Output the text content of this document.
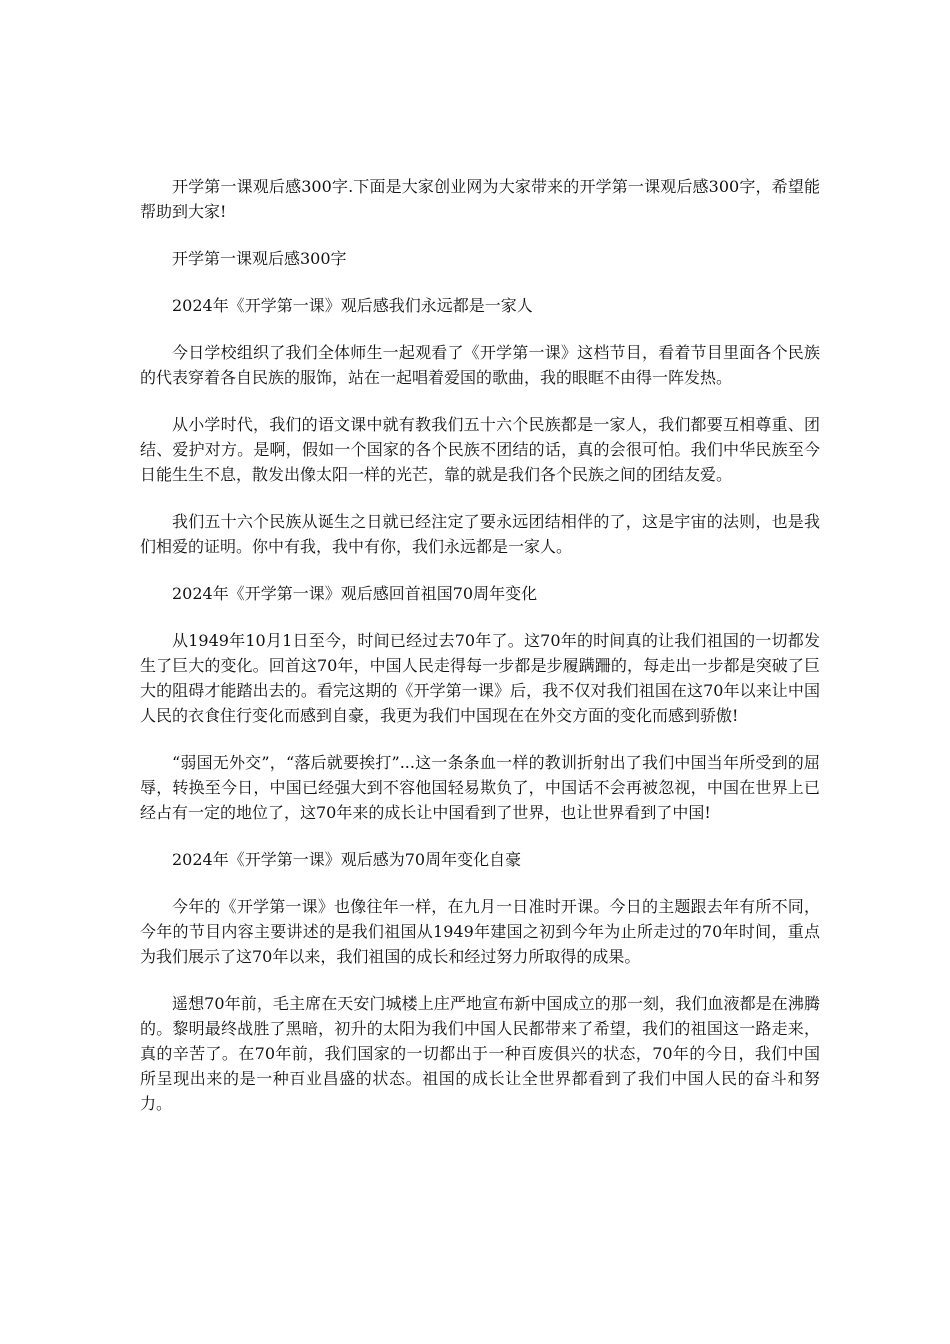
开学第一课观后感300字.下面是大家创业网为大家带来的开学第一课观后感300字，希望能帮助到大家!

开学第一课观后感300字

2024年《开学第一课》观后感我们永远都是一家人

今日学校组织了我们全体师生一起观看了《开学第一课》这档节目，看着节目里面各个民族的代表穿着各自民族的服饰，站在一起唱着爱国的歌曲，我的眼眶不由得一阵发热。

从小学时代，我们的语文课中就有教我们五十六个民族都是一家人，我们都要互相尊重、团结、爱护对方。是啊，假如一个国家的各个民族不团结的话，真的会很可怕。我们中华民族至今日能生生不息，散发出像太阳一样的光芒，靠的就是我们各个民族之间的团结友爱。

我们五十六个民族从诞生之日就已经注定了要永远团结相伴的了，这是宇宙的法则，也是我们相爱的证明。你中有我，我中有你，我们永远都是一家人。

2024年《开学第一课》观后感回首祖国70周年变化

从1949年10月1日至今，时间已经过去70年了。这70年的时间真的让我们祖国的一切都发生了巨大的变化。回首这70年，中国人民走得每一步都是步履蹒跚的，每走出一步都是突破了巨大的阻碍才能踏出去的。看完这期的《开学第一课》后，我不仅对我们祖国在这70年以来让中国人民的衣食住行变化而感到自豪，我更为我们中国现在在外交方面的变化而感到骄傲!

“弱国无外交”，“落后就要挨打”...这一条条血一样的教训折射出了我们中国当年所受到的屈辱，转换至今日，中国已经强大到不容他国轻易欺负了，中国话不会再被忽视，中国在世界上已经占有一定的地位了，这70年来的成长让中国看到了世界，也让世界看到了中国!

2024年《开学第一课》观后感为70周年变化自豪

今年的《开学第一课》也像往年一样，在九月一日准时开课。今日的主题跟去年有所不同，今年的节目内容主要讲述的是我们祖国从1949年建国之初到今年为止所走过的70年时间，重点为我们展示了这70年以来，我们祖国的成长和经过努力所取得的成果。

遥想70年前，毛主席在天安门城楼上庄严地宣布新中国成立的那一刻，我们血液都是在沸腾的。黎明最终战胜了黑暗，初升的太阳为我们中国人民都带来了希望，我们的祖国这一路走来，真的辛苦了。在70年前，我们国家的一切都出于一种百废俱兴的状态，70年的今日，我们中国所呈现出来的是一种百业昌盛的状态。祖国的成长让全世界都看到了我们中国人民的奋斗和努力。
